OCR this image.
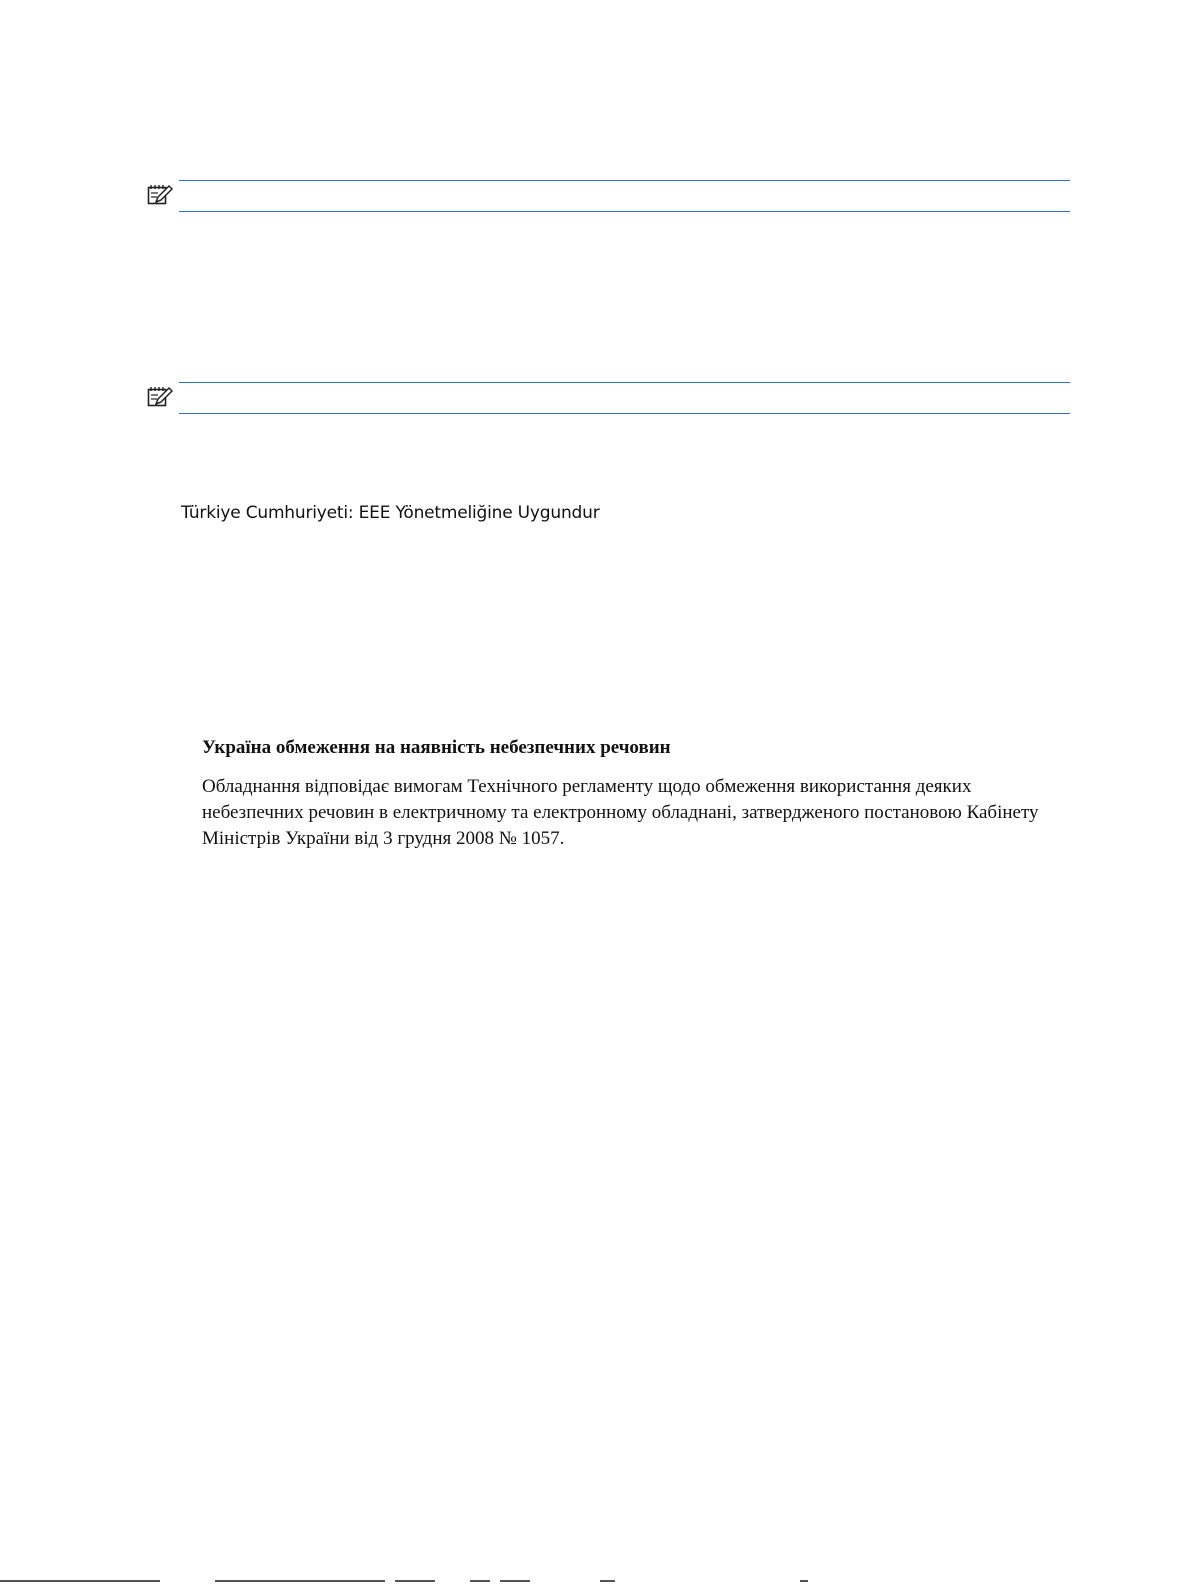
Türkiye Cumhuriyeti: EEE Yönetmeliğine Uygundur
Україна обмеження на наявність небезпечних речовин

Обладнання відповідає вимогам Технічного регламенту щодо обмеження використання деяких
небезпечних речовин в електричному та електронному обладнані, затвердженого постановою Кабінету
Міністрів України від 3 грудня 2008 № 1057.
